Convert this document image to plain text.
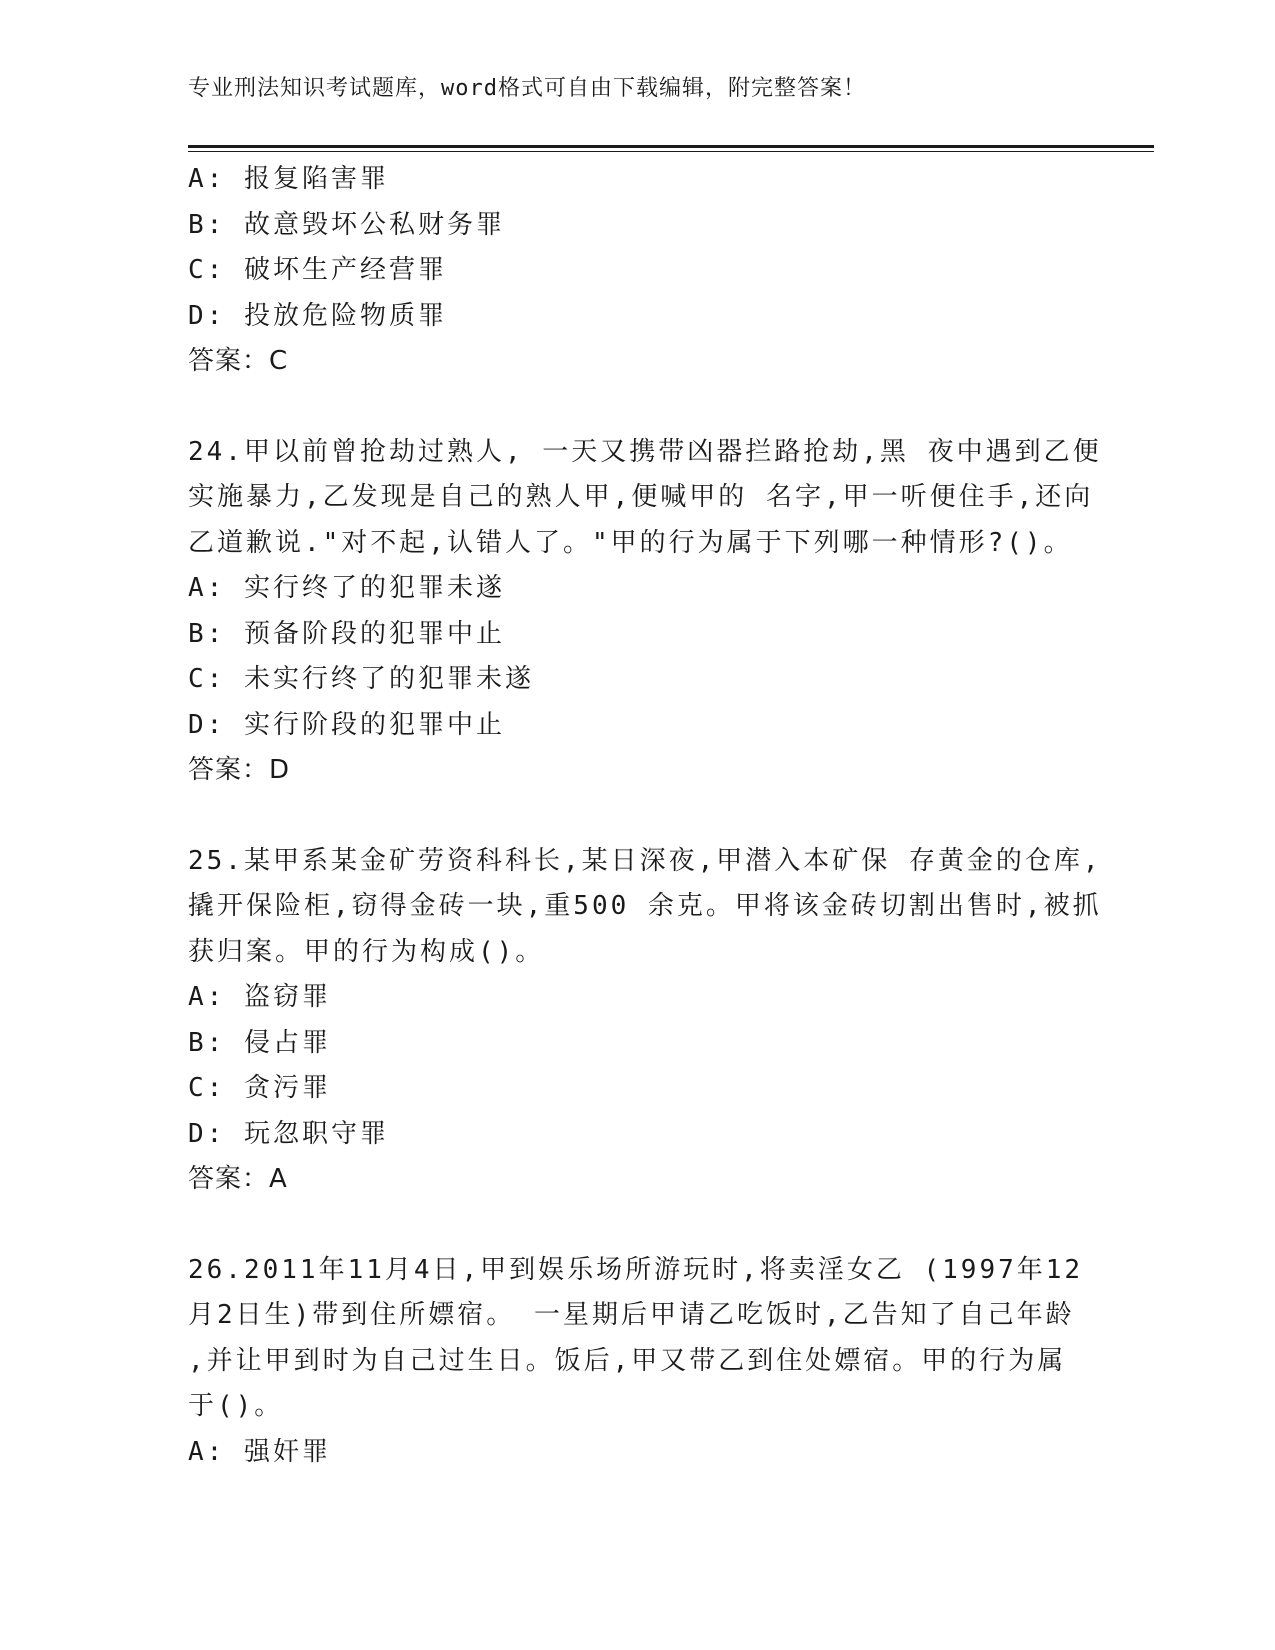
专业刑法知识考试题库，word格式可自由下载编辑，附完整答案！
A: 报复陷害罪
B: 故意毁坏公私财务罪
C: 破坏生产经营罪
D: 投放危险物质罪
答案：C
24.甲以前曾抢劫过熟人, 一天又携带凶器拦路抢劫,黑 夜中遇到乙便
实施暴力,乙发现是自己的熟人甲,便喊甲的 名字,甲一听便住手,还向
乙道歉说."对不起,认错人了。"甲的行为属于下列哪一种情形?()。
A: 实行终了的犯罪未遂
B: 预备阶段的犯罪中止
C: 未实行终了的犯罪未遂
D: 实行阶段的犯罪中止
答案：D
25.某甲系某金矿劳资科科长,某日深夜,甲潜入本矿保 存黄金的仓库,
撬开保险柜,窃得金砖一块,重500 余克。甲将该金砖切割出售时,被抓
获归案。甲的行为构成()。
A: 盗窃罪
B: 侵占罪
C: 贪污罪
D: 玩忽职守罪
答案：A
26.2011年11月4日,甲到娱乐场所游玩时,将卖淫女乙 (1997年12
月2日生)带到住所嫖宿。 一星期后甲请乙吃饭时,乙告知了自己年龄
,并让甲到时为自己过生日。饭后,甲又带乙到住处嫖宿。甲的行为属
于()。
A: 强奸罪
